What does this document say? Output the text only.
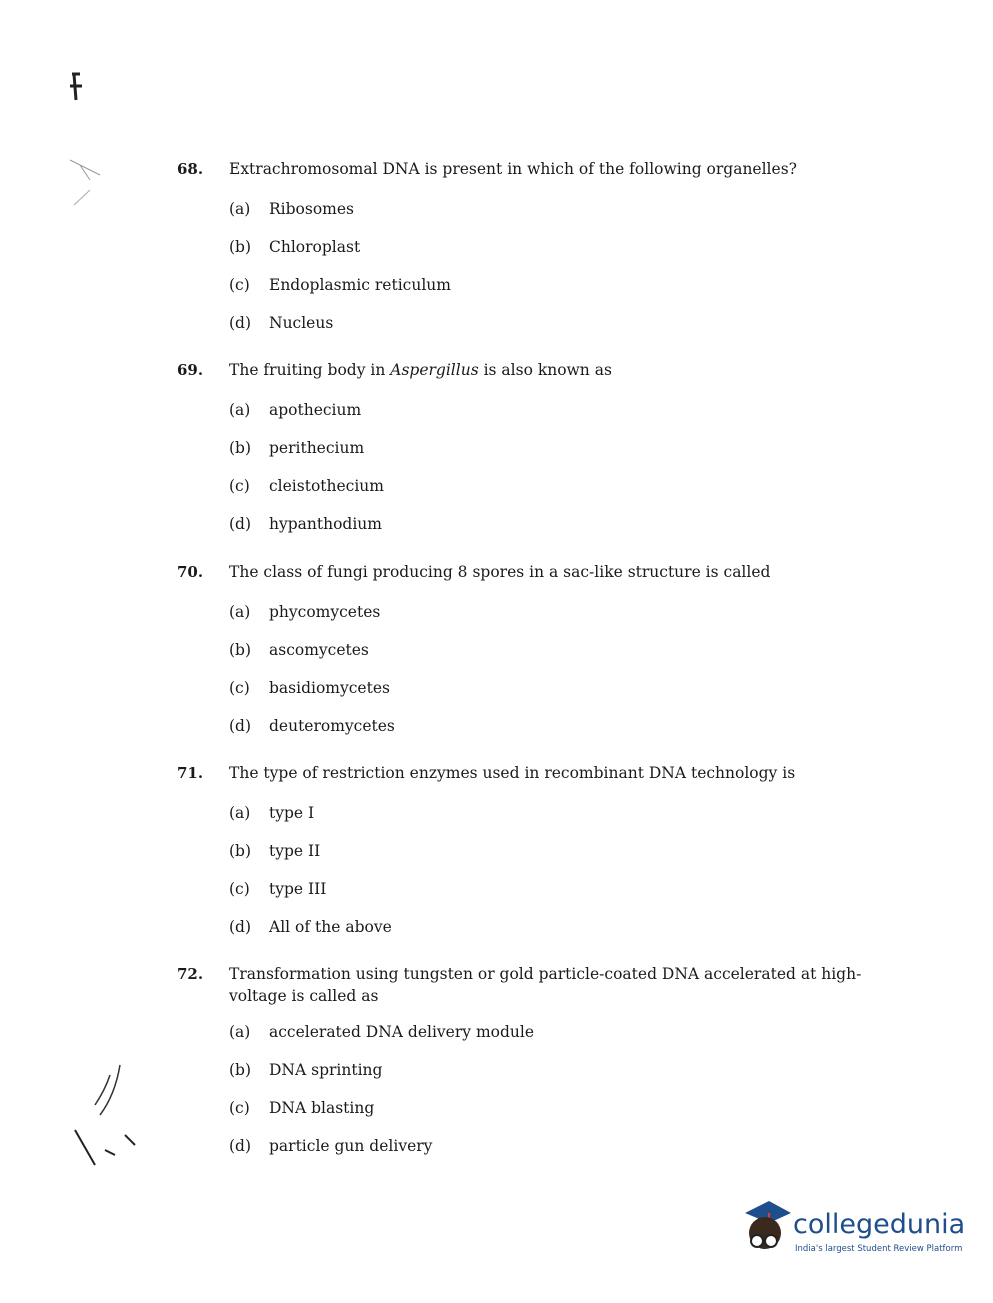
68.	Extrachromosomal DNA is present in which of the following organelles?
(a)	Ribosomes
(b)	Chloroplast
(c)	Endoplasmic reticulum
(d)	Nucleus
69.	The fruiting body in Aspergillus is also known as
(a)	apothecium
(b)	perithecium
(c)	cleistothecium
(d)	hypanthodium
70.	The class of fungi producing 8 spores in a sac-like structure is called
(a)	phycomycetes
(b)	ascomycetes
(c)	basidiomycetes
(d)	deuteromycetes
71.	The type of restriction enzymes used in recombinant DNA technology is
(a)	type I
(b)	type II
(c)	type III
(d)	All of the above
72.	Transformation using tungsten or gold particle-coated DNA accelerated at high-voltage is called as
(a)	accelerated DNA delivery module
(b)	DNA sprinting
(c)	DNA blasting
(d)	particle gun delivery
collegedunia
India's largest Student Review Platform
